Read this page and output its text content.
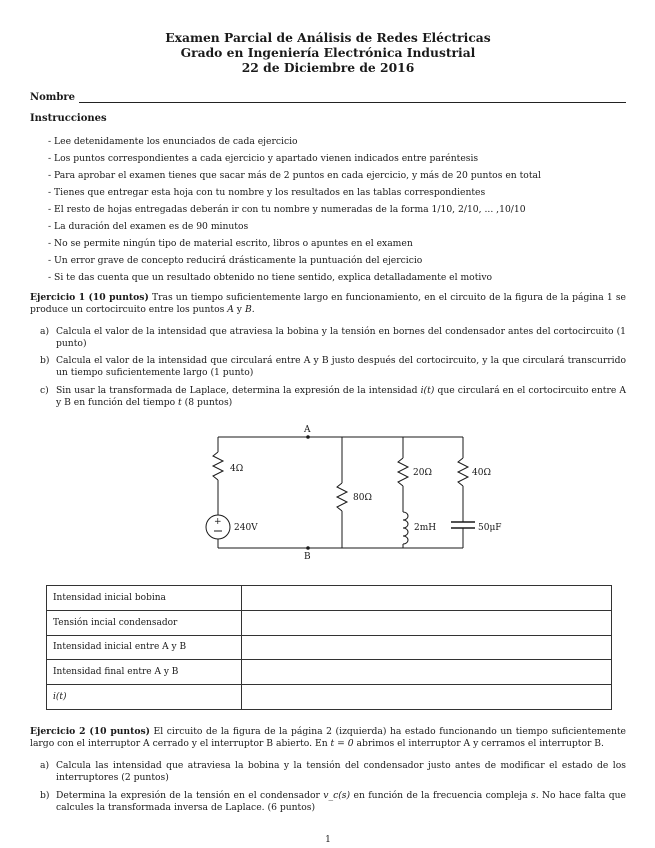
Examen Parcial de Análisis de Redes Eléctricas
Grado en Ingeniería Electrónica Industrial
22 de Diciembre de 2016
Nombre
Instrucciones
- Lee detenidamente los enunciados de cada ejercicio
- Los puntos correspondientes a cada ejercicio y apartado vienen indicados entre paréntesis
- Para aprobar el examen tienes que sacar más de 2 puntos en cada ejercicio, y más de 20 puntos en total
- Tienes que entregar esta hoja con tu nombre y los resultados en las tablas correspondientes
- El resto de hojas entregadas deberán ir con tu nombre y numeradas de la forma 1/10, 2/10, ... ,10/10
- La duración del examen es de 90 minutos
- No se permite ningún tipo de material escrito, libros o apuntes en el examen
- Un error grave de concepto reducirá drásticamente la puntuación del ejercicio
- Si te das cuenta que un resultado obtenido no tiene sentido, explica detalladamente el motivo
Ejercicio 1 (10 puntos) Tras un tiempo suficientemente largo en funcionamiento, en el circuito de la figura de la página 1 se produce un cortocircuito entre los puntos A y B.
a) Calcula el valor de la intensidad que atraviesa la bobina y la tensión en bornes del condensador antes del cortocircuito (1 punto)
b) Calcula el valor de la intensidad que circulará entre A y B justo después del cortocircuito, y la que circulará transcurrido un tiempo suficientemente largo (1 punto)
c) Sin usar la transformada de Laplace, determina la expresión de la intensidad i(t) que circulará en el cortocircuito entre A y B en función del tiempo t (8 puntos)
+
A
B
4Ω
240V
80Ω
20Ω
2mH
40Ω
50μF
Intensidad inicial bobina	
Tensión incial condensador	
Intensidad inicial entre A y B	
Intensidad final entre A y B	
i(t)	
Ejercicio 2 (10 puntos) El circuito de la figura de la página 2 (izquierda) ha estado funcionando un tiempo suficientemente largo con el interruptor A cerrado y el interruptor B abierto. En t = 0 abrimos el interruptor A y cerramos el interruptor B.
a) Calcula las intensidad que atraviesa la bobina y la tensión del condensador justo antes de modificar el estado de los interruptores (2 puntos)
b) Determina la expresión de la tensión en el condensador v_c(s) en función de la frecuencia compleja s. No hace falta que calcules la transformada inversa de Laplace. (6 puntos)
1
